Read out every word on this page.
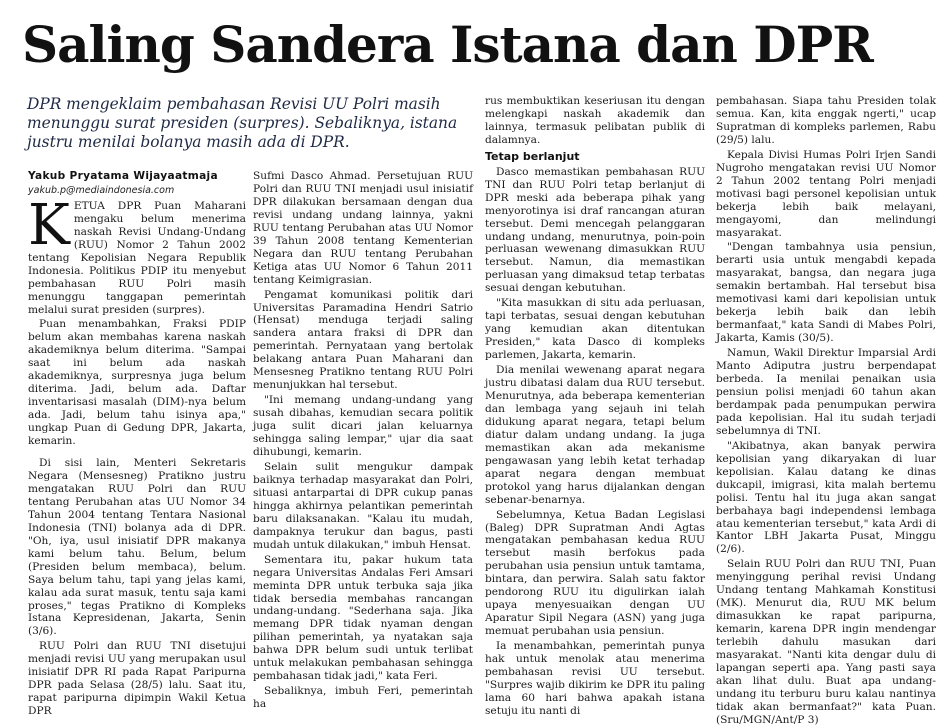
Saling Sandera Istana dan DPR
DPR mengeklaim pembahasan Revisi UU Polri masih menunggu surat presiden (surpres). Sebaliknya, istana justru menilai bolanya masih ada di DPR.

Yakub Pryatama Wijayaatmaja

yakub.p@mediaindonesia.com

KETUA DPR Puan Maharani mengaku belum menerima naskah Revisi Undang-Undang (RUU) Nomor 2 Tahun 2002 tentang Kepolisian Negara Republik Indonesia. Politikus PDIP itu menyebut pembahasan RUU Polri masih menunggu tanggapan pemerintah melalui surat presiden (surpres).

Puan menambahkan, Fraksi PDIP belum akan membahas karena naskah akademiknya belum diterima. "Sampai saat ini belum ada naskah akademiknya, surpresnya juga belum diterima. Jadi, belum ada. Daftar inventarisasi masalah (DIM)-nya belum ada. Jadi, belum tahu isinya apa," ungkap Puan di Gedung DPR, Jakarta, kemarin.

Di sisi lain, Menteri Sekretaris Negara (Mensesneg) Pratikno justru mengatakan RUU Polri dan RUU tentang Perubahan atas UU Nomor 34 Tahun 2004 tentang Tentara Nasional Indonesia (TNI) bolanya ada di DPR. "Oh, iya, usul inisiatif DPR makanya kami belum tahu. Belum, belum (Presiden belum membaca), belum. Saya belum tahu, tapi yang jelas kami, kalau ada surat masuk, tentu saja kami proses," tegas Pratikno di Kompleks Istana Kepresidenan, Jakarta, Senin (3/6).

RUU Polri dan RUU TNI disetujui menjadi revisi UU yang merupakan usul inisiatif DPR RI pada Rapat Paripurna DPR pada Selasa (28/5) lalu. Saat itu, rapat paripurna dipimpin Wakil Ketua DPR

Sufmi Dasco Ahmad. Persetujuan RUU Polri dan RUU TNI menjadi usul inisiatif DPR dilakukan bersamaan dengan dua revisi undang undang lainnya, yakni RUU tentang Perubahan atas UU Nomor 39 Tahun 2008 tentang Kementerian Negara dan RUU tentang Perubahan Ketiga atas UU Nomor 6 Tahun 2011 tentang Keimigrasian.

Pengamat komunikasi politik dari Universitas Paramadina Hendri Satrio (Hensat) menduga terjadi saling sandera antara fraksi di DPR dan pemerintah. Pernyataan yang bertolak belakang antara Puan Maharani dan Mensesneg Pratikno tentang RUU Polri menunjukkan hal tersebut.

"Ini memang undang-undang yang susah dibahas, kemudian secara politik juga sulit dicari jalan keluarnya sehingga saling lempar," ujar dia saat dihubungi, kemarin.

Selain sulit mengukur dampak baiknya terhadap masyarakat dan Polri, situasi antarpartai di DPR cukup panas hingga akhirnya pelantikan pemerintah baru dilaksanakan. "Kalau itu mudah, dampaknya terukur dan bagus, pasti mudah untuk dilakukan," imbuh Hensat.

Sementara itu, pakar hukum tata negara Universitas Andalas Feri Amsari meminta DPR untuk terbuka saja jika tidak bersedia membahas rancangan undang-undang. "Sederhana saja. Jika memang DPR tidak nyaman dengan pilihan pemerintah, ya nyatakan saja bahwa DPR belum sudi untuk terlibat untuk melakukan pembahasan sehingga pembahasan tidak jadi," kata Feri.

Sebaliknya, imbuh Feri, pemerintah ha

rus membuktikan keseriusan itu dengan melengkapi naskah akademik dan lainnya, termasuk pelibatan publik di dalamnya.

Tetap berlanjut

Dasco memastikan pembahasan RUU TNI dan RUU Polri tetap berlanjut di DPR meski ada beberapa pihak yang menyorotinya isi draf rancangan aturan tersebut. Demi mencegah pelanggaran undang undang, menurutnya, poin-poin perluasan wewenang dimasukkan RUU tersebut. Namun, dia memastikan perluasan yang dimaksud tetap terbatas sesuai dengan kebutuhan.

"Kita masukkan di situ ada perluasan, tapi terbatas, sesuai dengan kebutuhan yang kemudian akan ditentukan Presiden," kata Dasco di kompleks parlemen, Jakarta, kemarin.

Dia menilai wewenang aparat negara justru dibatasi dalam dua RUU tersebut. Menurutnya, ada beberapa kementerian dan lembaga yang sejauh ini telah didukung aparat negara, tetapi belum diatur dalam undang undang. Ia juga memastikan akan ada mekanisme pengawasan yang lebih ketat terhadap aparat negara dengan membuat protokol yang harus dijalankan dengan sebenar-benarnya.

Sebelumnya, Ketua Badan Legislasi (Baleg) DPR Supratman Andi Agtas mengatakan pembahasan kedua RUU tersebut masih berfokus pada perubahan usia pensiun untuk tamtama, bintara, dan perwira. Salah satu faktor pendorong RUU itu digulirkan ialah upaya menyesuaikan dengan UU Aparatur Sipil Negara (ASN) yang juga memuat perubahan usia pensiun.

Ia menambahkan, pemerintah punya hak untuk menolak atau menerima pembahasan revisi UU tersebut. "Surpres wajib dikirim ke DPR itu paling lama 60 hari bahwa apakah istana setuju itu nanti di

pembahasan. Siapa tahu Presiden tolak semua. Kan, kita enggak ngerti," ucap Supratman di kompleks parlemen, Rabu (29/5) lalu.

Kepala Divisi Humas Polri Irjen Sandi Nugroho mengatakan revisi UU Nomor 2 Tahun 2002 tentang Polri menjadi motivasi bagi personel kepolisian untuk bekerja lebih baik melayani, mengayomi, dan melindungi masyarakat.

"Dengan tambahnya usia pensiun, berarti usia untuk mengabdi kepada masyarakat, bangsa, dan negara juga semakin bertambah. Hal tersebut bisa memotivasi kami dari kepolisian untuk bekerja lebih baik dan lebih bermanfaat," kata Sandi di Mabes Polri, Jakarta, Kamis (30/5).

Namun, Wakil Direktur Imparsial Ardi Manto Adiputra justru berpendapat berbeda. Ia menilai penaikan usia pensiun polisi menjadi 60 tahun akan berdampak pada penumpukan perwira pada kepolisian. Hal itu sudah terjadi sebelumnya di TNI.

"Akibatnya, akan banyak perwira kepolisian yang dikaryakan di luar kepolisian. Kalau datang ke dinas dukcapil, imigrasi, kita malah bertemu polisi. Tentu hal itu juga akan sangat berbahaya bagi independensi lembaga atau kementerian tersebut," kata Ardi di Kantor LBH Jakarta Pusat, Minggu (2/6).

Selain RUU Polri dan RUU TNI, Puan menyinggung perihal revisi Undang Undang tentang Mahkamah Konstitusi (MK). Menurut dia, RUU MK belum dimasukkan ke rapat paripurna, kemarin, karena DPR ingin mendengar terlebih dahulu masukan dari masyarakat. "Nanti kita dengar dulu di lapangan seperti apa. Yang pasti saya akan lihat dulu. Buat apa undang-undang itu terburu buru kalau nantinya tidak akan bermanfaat?" kata Puan. (Sru/MGN/Ant/P 3)
